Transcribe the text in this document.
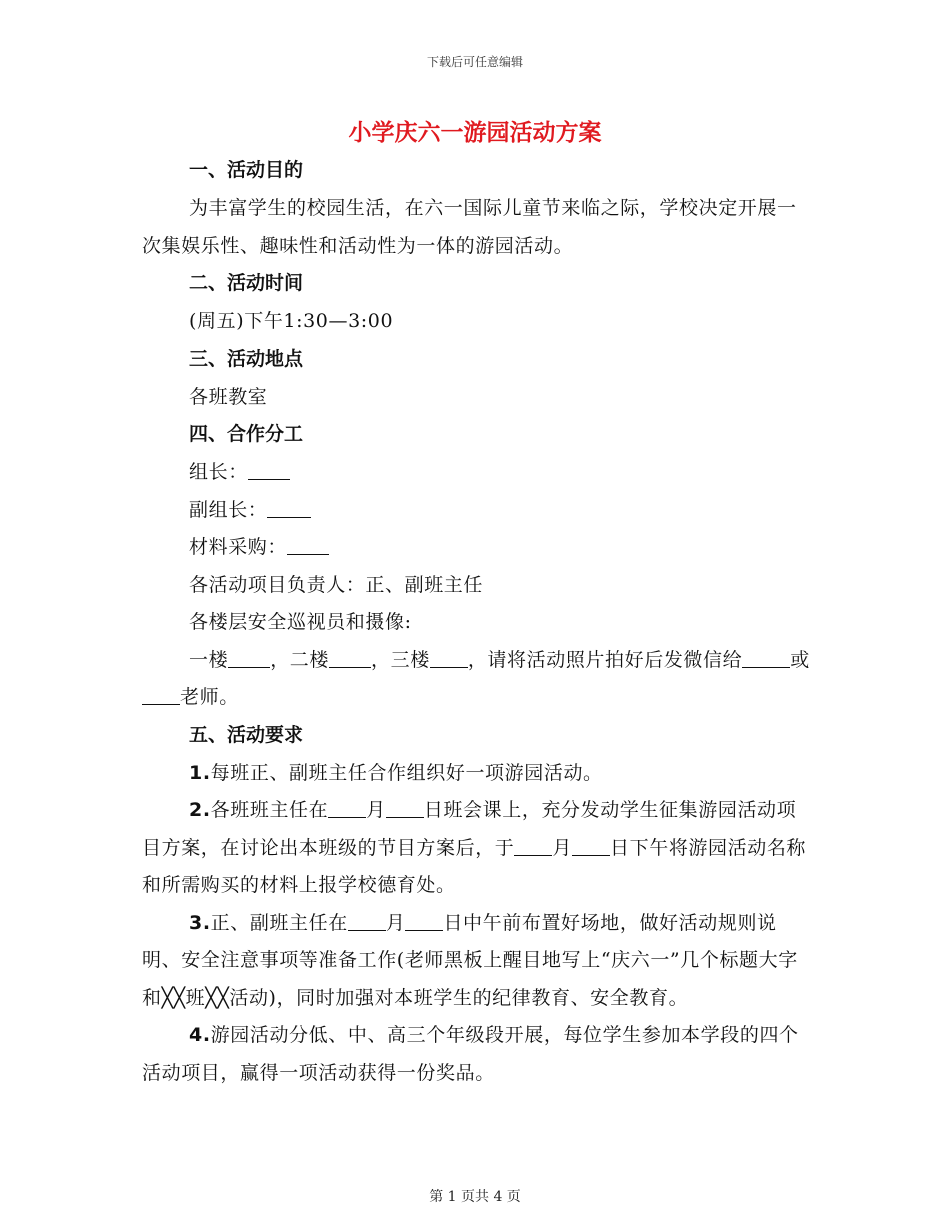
下载后可任意编辑
小学庆六一游园活动方案
一、活动目的
为丰富学生的校园生活，在六一国际儿童节来临之际，学校决定开展一次集娱乐性、趣味性和活动性为一体的游园活动。
二、活动时间
(周五)下午1:30—3:00
三、活动地点
各班教室
四、合作分工
组长：
副组长：
材料采购：
各活动项目负责人：正、副班主任
各楼层安全巡视员和摄像:
一楼 ，二楼 ，三楼 ，请将活动照片拍好后发微信给	或老师。
五、活动要求
1.每班正、副班主任合作组织好一项游园活动。
2.各班班主任在 月 日班会课上，充分发动学生征集游园活动项目方案，在讨论出本班级的节目方案后，于 月 日下午将游园活动名称和所需购买的材料上报学校德育处。
3.正、副班主任在 月 日中午前布置好场地，做好活动规则说明、安全注意事项等准备工作(老师黑板上醒目地写上“庆六一”几个标题大字和╳╳班╳╳活动)，同时加强对本班学生的纪律教育、安全教育。
4.游园活动分低、中、高三个年级段开展，每位学生参加本学段的四个活动项目，赢得一项活动获得一份奖品。
第 1 页共 4 页
